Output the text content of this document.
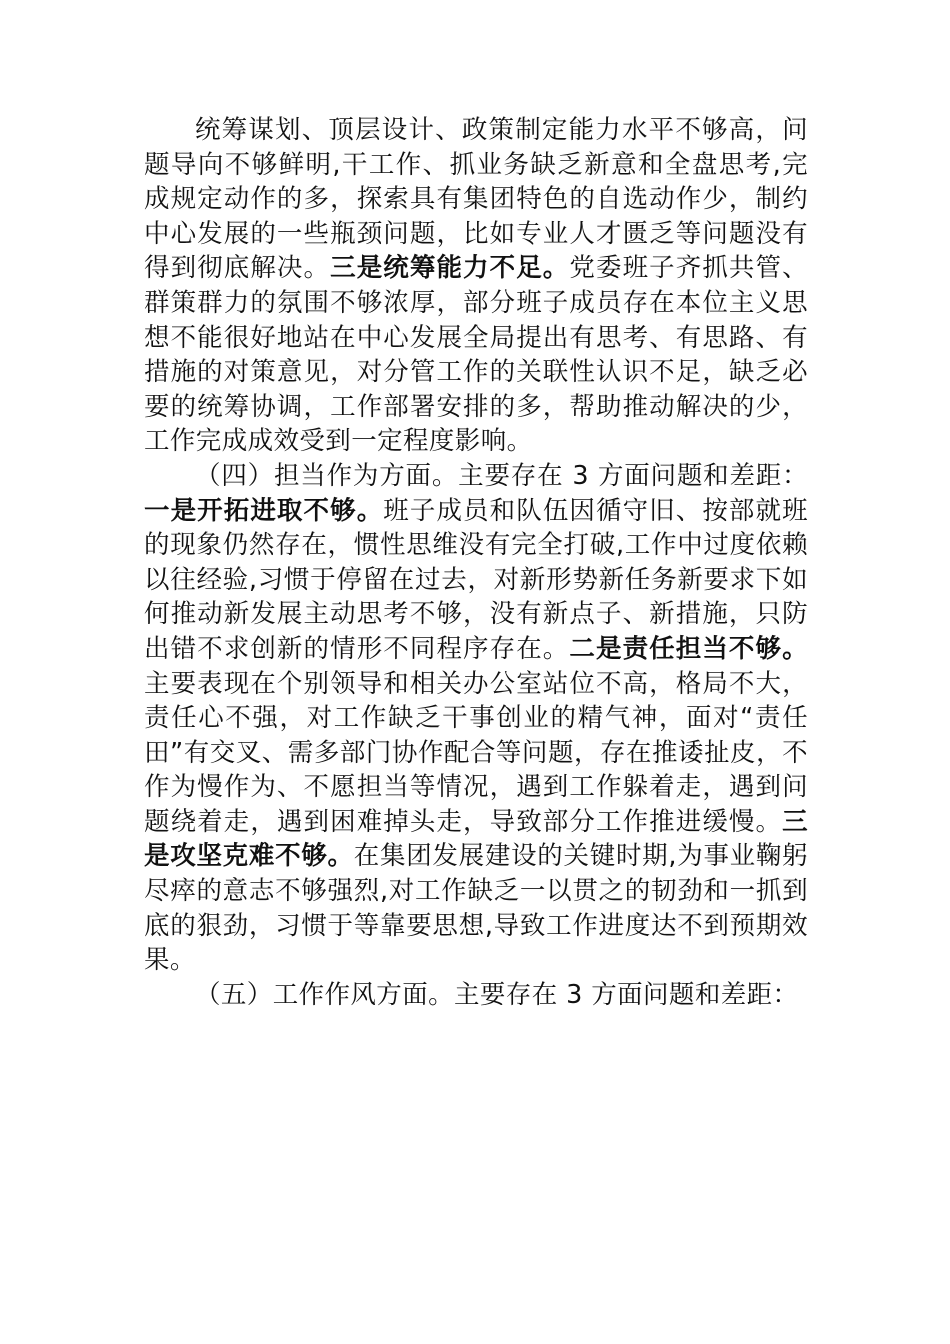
统筹谋划、顶层设计、政策制定能力水平不够高，问题导向不够鲜明,干工作、抓业务缺乏新意和全盘思考,完成规定动作的多，探索具有集团特色的自选动作少，制约中心发展的一些瓶颈问题，比如专业人才匮乏等问题没有得到彻底解决。三是统筹能力不足。党委班子齐抓共管、群策群力的氛围不够浓厚，部分班子成员存在本位主义思想不能很好地站在中心发展全局提出有思考、有思路、有措施的对策意见，对分管工作的关联性认识不足，缺乏必要的统筹协调，工作部署安排的多，帮助推动解决的少，工作完成成效受到一定程度影响。

（四）担当作为方面。主要存在 3 方面问题和差距：一是开拓进取不够。班子成员和队伍因循守旧、按部就班的现象仍然存在，惯性思维没有完全打破,工作中过度依赖以往经验,习惯于停留在过去，对新形势新任务新要求下如何推动新发展主动思考不够，没有新点子、新措施，只防出错不求创新的情形不同程序存在。二是责任担当不够。主要表现在个别领导和相关办公室站位不高，格局不大，责任心不强，对工作缺乏干事创业的精气神，面对“责任田”有交叉、需多部门协作配合等问题，存在推诿扯皮，不作为慢作为、不愿担当等情况，遇到工作躲着走，遇到问题绕着走，遇到困难掉头走，导致部分工作推进缓慢。三是攻坚克难不够。在集团发展建设的关键时期,为事业鞠躬尽瘁的意志不够强烈,对工作缺乏一以贯之的韧劲和一抓到底的狠劲，习惯于等靠要思想,导致工作进度达不到预期效果。

（五）工作作风方面。主要存在 3 方面问题和差距：
